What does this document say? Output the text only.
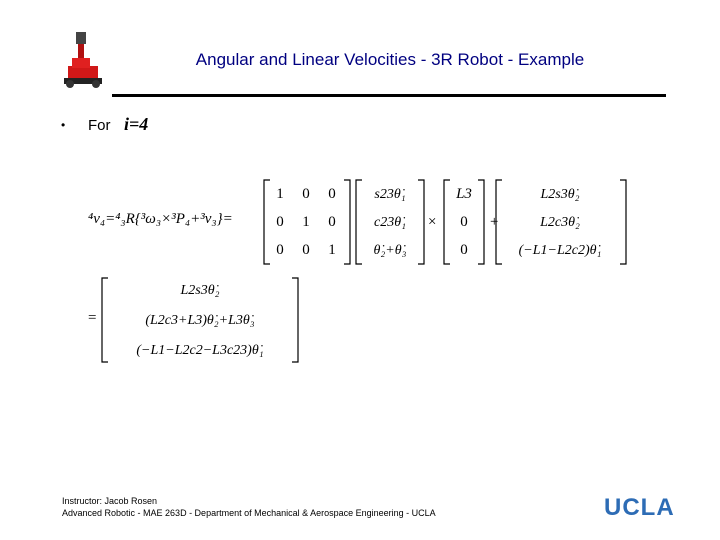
Angular and Linear Velocities - 3R Robot - Example
• For i=4
⁴v₄=⁴₃R{³ω₃×³P₄+³v₃}=
1 0 0
0 1 0
0 0 1
s23θ̇₁
c23θ̇₁
θ̇₂+θ̇₃
×
L3
0
0
+
L2s3θ̇₂
L2c3θ̇₂
(−L1−L2c2)θ̇₁
=
L2s3θ̇₂
(L2c3+L3)θ̇₂+L3θ̇₃
(−L1−L2c2−L3c23)θ̇₁
Instructor: Jacob Rosen
Advanced Robotic - MAE 263D - Department of Mechanical & Aerospace Engineering - UCLA	UCLA
